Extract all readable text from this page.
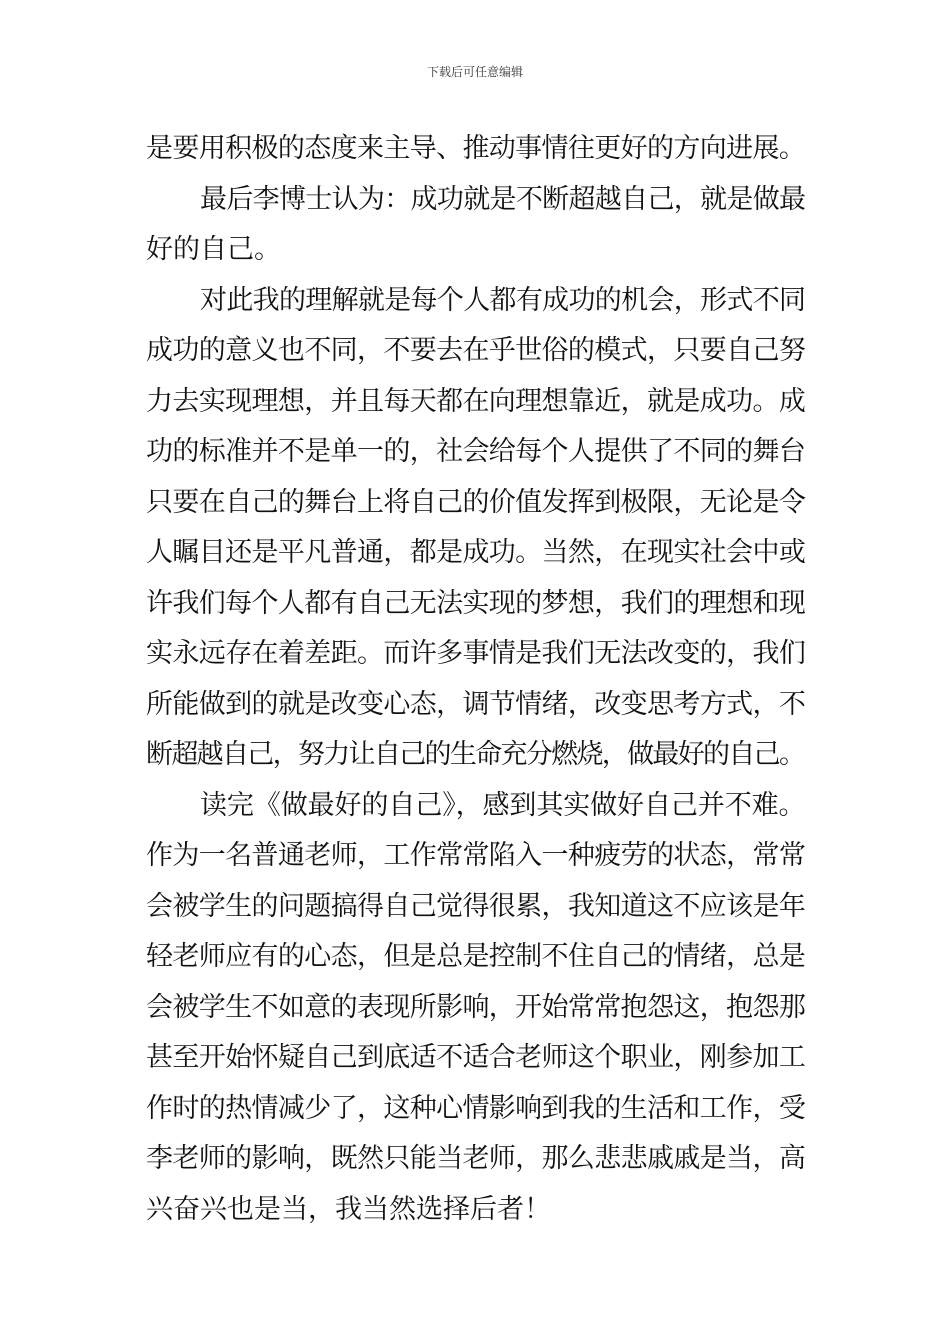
下载后可任意编辑
是要用积极的态度来主导、推动事情往更好的方向进展。
最后李博士认为：成功就是不断超越自己，就是做最
好的自己。
对此我的理解就是每个人都有成功的机会，形式不同
成功的意义也不同，不要去在乎世俗的模式，只要自己努
力去实现理想，并且每天都在向理想靠近，就是成功。成
功的标准并不是单一的，社会给每个人提供了不同的舞台
只要在自己的舞台上将自己的价值发挥到极限，无论是令
人瞩目还是平凡普通，都是成功。当然，在现实社会中或
许我们每个人都有自己无法实现的梦想，我们的理想和现
实永远存在着差距。而许多事情是我们无法改变的，我们
所能做到的就是改变心态，调节情绪，改变思考方式，不
断超越自己，努力让自己的生命充分燃烧，做最好的自己。
读完《做最好的自己》，感到其实做好自己并不难。
作为一名普通老师，工作常常陷入一种疲劳的状态，常常
会被学生的问题搞得自己觉得很累，我知道这不应该是年
轻老师应有的心态，但是总是控制不住自己的情绪，总是
会被学生不如意的表现所影响，开始常常抱怨这，抱怨那
甚至开始怀疑自己到底适不适合老师这个职业，刚参加工
作时的热情减少了，这种心情影响到我的生活和工作，受
李老师的影响，既然只能当老师，那么悲悲戚戚是当，高
兴奋兴也是当，我当然选择后者！
